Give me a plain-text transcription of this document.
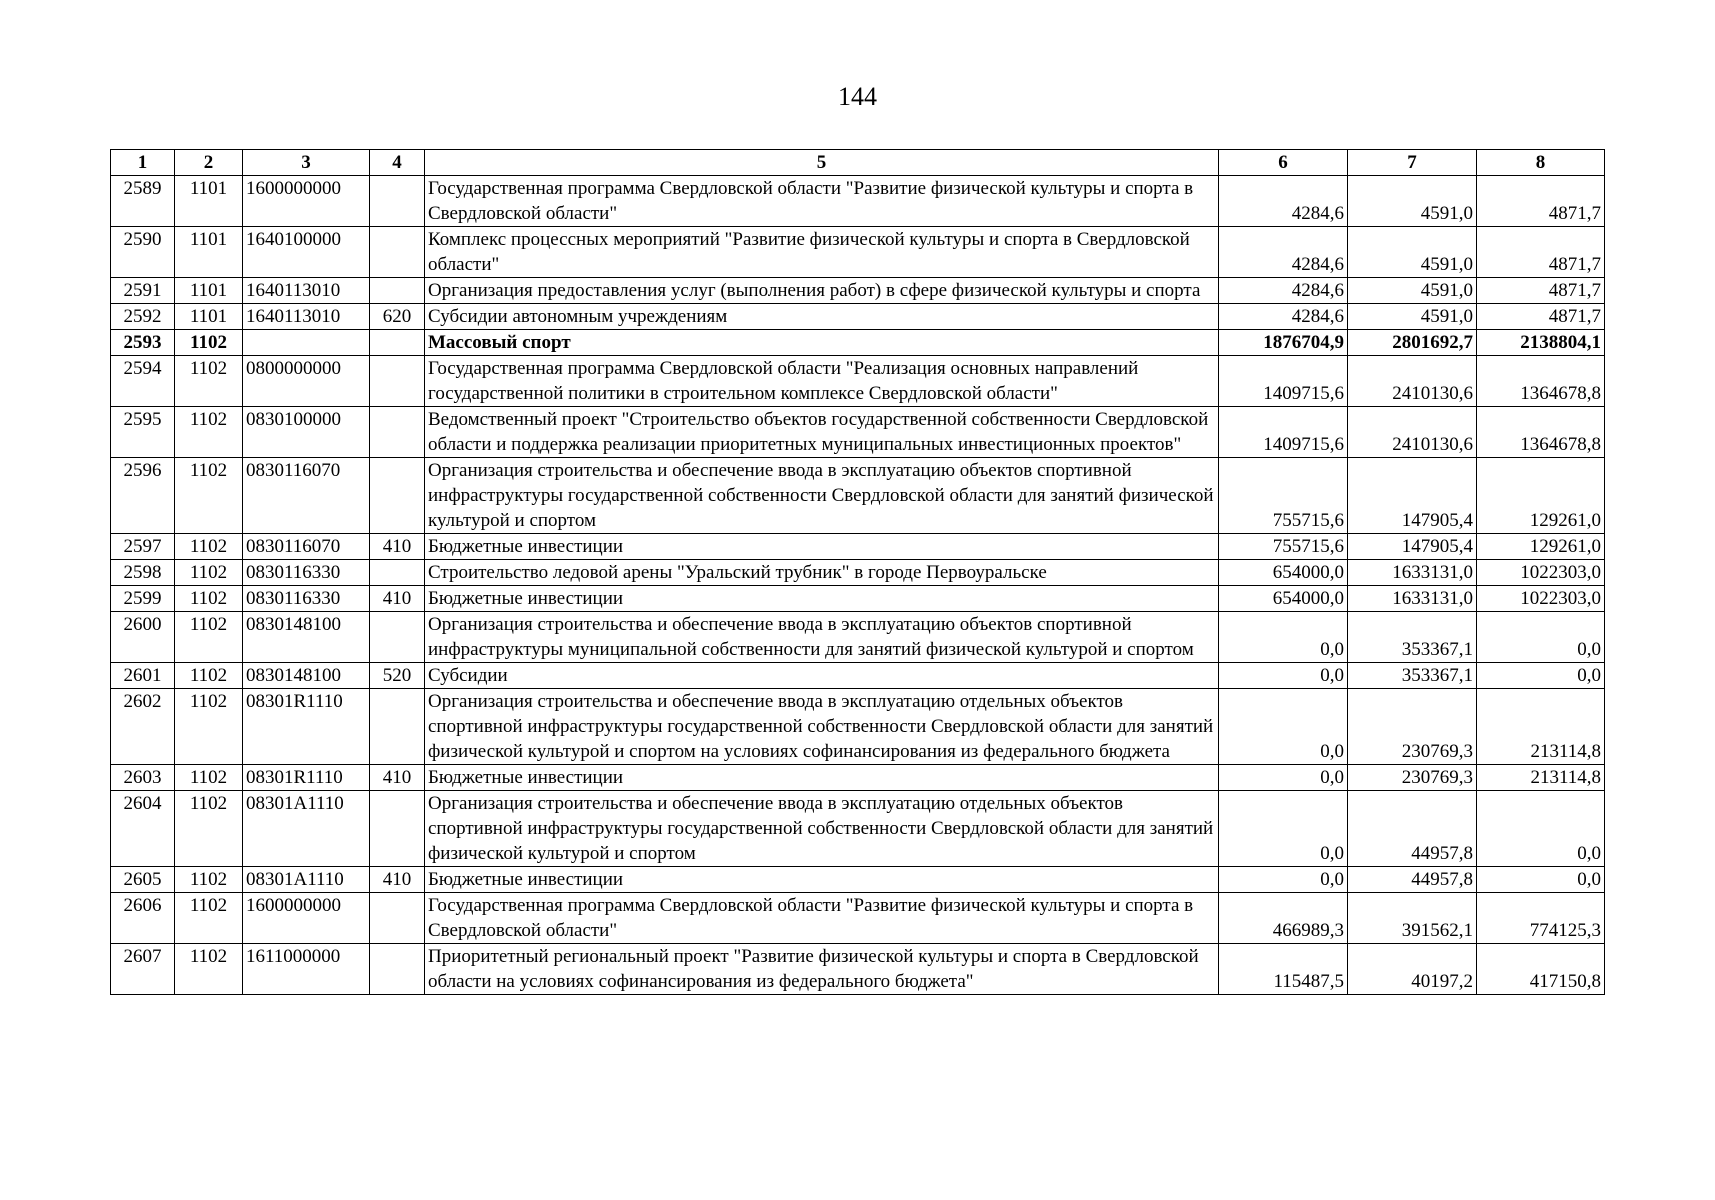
144
1	2	3	4	5	6	7	8
2589	1101	1600000000		Государственная программа Свердловской области "Развитие физической культуры и спорта в Свердловской области"	4284,6	4591,0	4871,7
2590	1101	1640100000		Комплекс процессных мероприятий "Развитие физической культуры и спорта в Свердловской области"	4284,6	4591,0	4871,7
2591	1101	1640113010		Организация предоставления услуг (выполнения работ) в сфере физической культуры и спорта	4284,6	4591,0	4871,7
2592	1101	1640113010	620	Субсидии автономным учреждениям	4284,6	4591,0	4871,7
2593	1102			Массовый спорт	1876704,9	2801692,7	2138804,1
2594	1102	0800000000		Государственная программа Свердловской области "Реализация основных направлений государственной политики в строительном комплексе Свердловской области"	1409715,6	2410130,6	1364678,8
2595	1102	0830100000		Ведомственный проект "Строительство объектов государственной собственности Свердловской области и поддержка реализации приоритетных муниципальных инвестиционных проектов"	1409715,6	2410130,6	1364678,8
2596	1102	0830116070		Организация строительства и обеспечение ввода в эксплуатацию объектов спортивной инфраструктуры государственной собственности Свердловской области для занятий физической культурой и спортом	755715,6	147905,4	129261,0
2597	1102	0830116070	410	Бюджетные инвестиции	755715,6	147905,4	129261,0
2598	1102	0830116330		Строительство ледовой арены "Уральский трубник" в городе Первоуральске	654000,0	1633131,0	1022303,0
2599	1102	0830116330	410	Бюджетные инвестиции	654000,0	1633131,0	1022303,0
2600	1102	0830148100		Организация строительства и обеспечение ввода в эксплуатацию объектов спортивной инфраструктуры муниципальной собственности для занятий физической культурой и спортом	0,0	353367,1	0,0
2601	1102	0830148100	520	Субсидии	0,0	353367,1	0,0
2602	1102	08301R1110		Организация строительства и обеспечение ввода в эксплуатацию отдельных объектов спортивной инфраструктуры государственной собственности Свердловской области для занятий физической культурой и спортом на условиях софинансирования из федерального бюджета	0,0	230769,3	213114,8
2603	1102	08301R1110	410	Бюджетные инвестиции	0,0	230769,3	213114,8
2604	1102	08301A1110		Организация строительства и обеспечение ввода в эксплуатацию отдельных объектов спортивной инфраструктуры государственной собственности Свердловской области для занятий физической культурой и спортом	0,0	44957,8	0,0
2605	1102	08301A1110	410	Бюджетные инвестиции	0,0	44957,8	0,0
2606	1102	1600000000		Государственная программа Свердловской области "Развитие физической культуры и спорта в Свердловской области"	466989,3	391562,1	774125,3
2607	1102	1611000000		Приоритетный региональный проект "Развитие физической культуры и спорта в Свердловской области на условиях софинансирования из федерального бюджета"	115487,5	40197,2	417150,8
